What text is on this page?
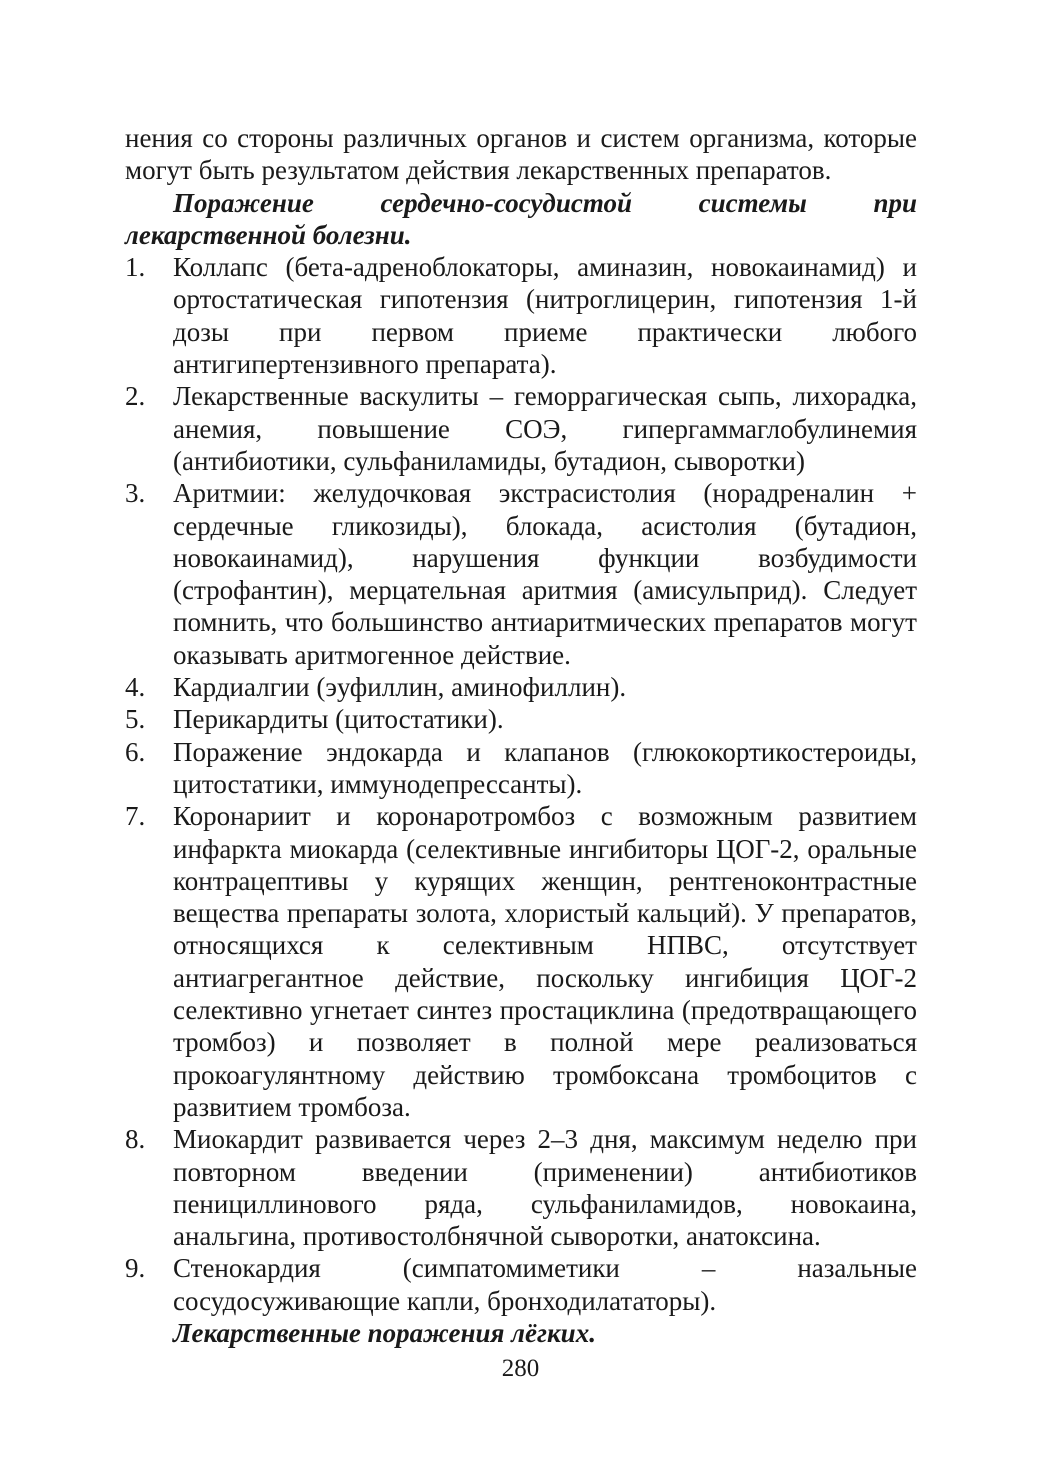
нения со стороны различных органов и систем организма, которые могут быть результатом действия лекарственных препаратов.

Поражение сердечно-сосудистой системы при лекарственной болезни.

1.	Коллапс (бета-адреноблокаторы, аминазин, новокаинамид) и ортостатическая гипотензия (нитроглицерин, гипотензия 1-й дозы при первом приеме практически любого антигипертензивного препарата).
2.	Лекарственные васкулиты – геморрагическая сыпь, лихорадка, анемия, повышение СОЭ, гипергаммаглобулинемия (антибиотики, сульфаниламиды, бутадион, сыворотки)
3.	Аритмии: желудочковая экстрасистолия (норадреналин + сердечные гликозиды), блокада, асистолия (бутадион, новокаинамид), нарушения функции возбудимости (строфантин), мерцательная аритмия (амисульприд). Следует помнить, что большинство антиаритмических препаратов могут оказывать аритмогенное действие.
4.	Кардиалгии (эуфиллин, аминофиллин).
5.	Перикардиты (цитостатики).
6.	Поражение эндокарда и клапанов (глюкокортикостероиды, цитостатики, иммунодепрессанты).
7.	Коронариит и коронаротромбоз с возможным развитием инфаркта миокарда (селективные ингибиторы ЦОГ-2, оральные контрацептивы у курящих женщин, рентгеноконтрастные вещества препараты золота, хлористый кальций). У препаратов, относящихся к селективным НПВС, отсутствует антиагрегантное действие, поскольку ингибиция ЦОГ-2 селективно угнетает синтез простациклина (предотвращающего тромбоз) и позволяет в полной мере реализоваться прокоагулянтному действию тромбоксана тромбоцитов с развитием тромбоза.
8.	Миокардит развивается через 2–3 дня, максимум неделю при повторном введении (применении) антибиотиков пенициллинового ряда, сульфаниламидов, новокаина, анальгина, противостолбнячной сыворотки, анатоксина.
9.	Стенокардия (симпатомиметики – назальные сосудосуживающие капли, бронходилататоры).

Лекарственные поражения лёгких.

280
